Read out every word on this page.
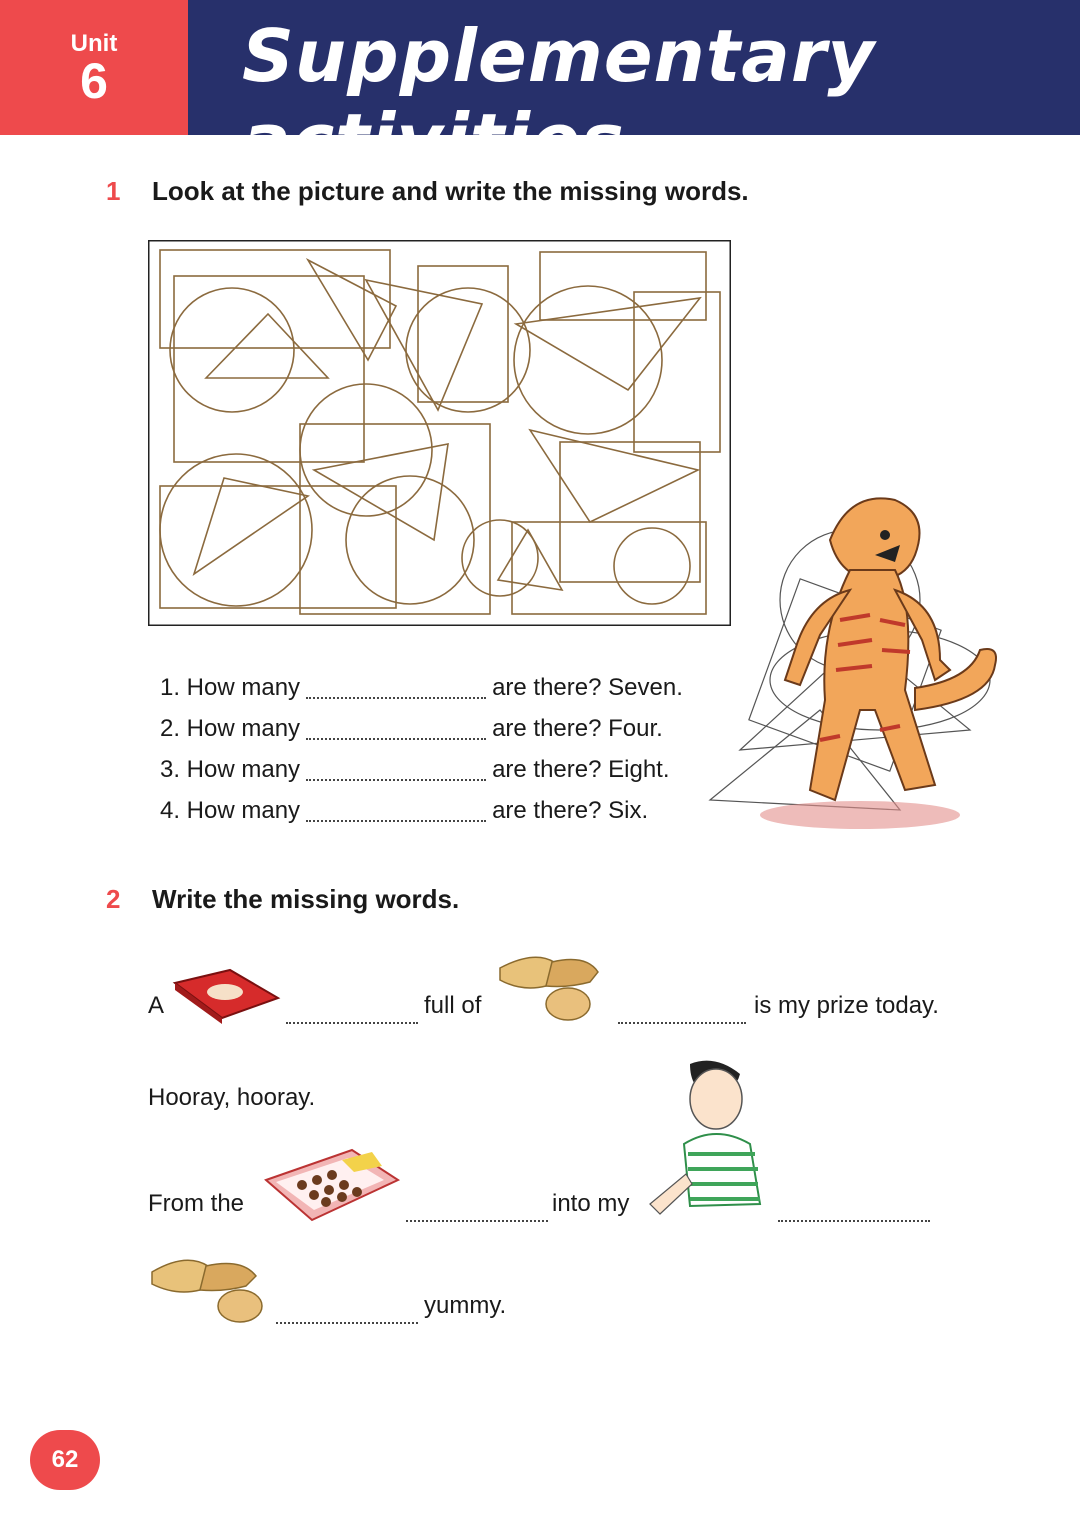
Unit
6	Supplementary activities
1 Look at the picture and write the missing words.
1. How many	are there? Seven.
2. How many	are there? Four.
3. How many	are there? Eight.
4. How many	are there? Six.
2 Write the missing words.
A	full of	is my prize today.
Hooray, hooray.
From the	into my
yummy.
62
